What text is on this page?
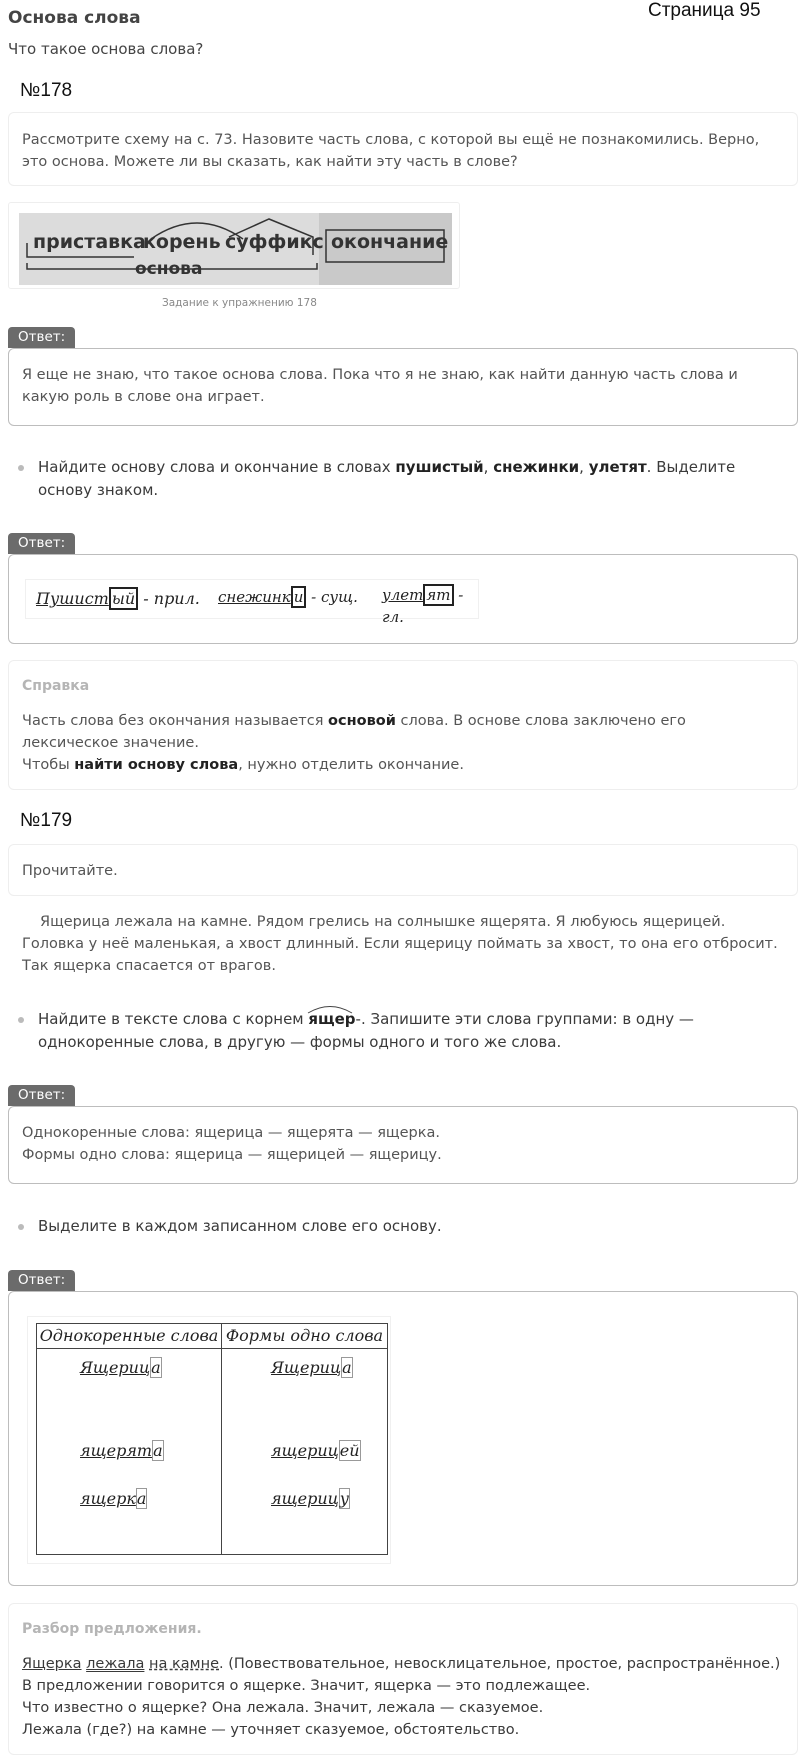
Основа слова
Что такое основа слова?
Страница 95
№178
Рассмотрите схему на с. 73. Назовите часть слова, с которой вы ещё не познакомились. Верно, это основа. Можете ли вы сказать, как найти эту часть в слове?
приставка
корень суффикс окончание
основа
Задание к упражнению 178
Ответ:
Я еще не знаю, что такое основа слова. Пока что я не знаю, как найти данную часть слова и какую роль в слове она играет.
Найдите основу слова и окончание в словах пушистый, снежинки, улетят. Выделите основу знаком.
Ответ:
Пушист ый - прил. снежинк и - сущ. улет ят - гл.
Справка
Часть слова без окончания называется основой слова. В основе слова заключено его лексическое значение.
Чтобы найти основу слова, нужно отделить окончание.
№179
Прочитайте.
Ящерица лежала на камне. Рядом грелись на солнышке ящерята. Я любуюсь ящерицей. Головка у неё маленькая, а хвост длинный. Если ящерицу поймать за хвост, то она его отбросит. Так ящерка спасается от врагов.
Найдите в тексте слова с корнем
ящер-. Запишите эти слова группами: в одну — однокоренные слова, в другую — формы одного и того же слова.
Ответ:
Однокоренные слова: ящерица — ящерята — ящерка.
Формы одно слова: ящерица — ящерицей — ящерицу.
Выделите в каждом записанном слове его основу.
Ответ:
Однокоренные слова	Формы одно слова

Ящерица	Ящерица

ящерята	ящерицей

ящерка	ящерицу
Разбор предложения.
Ящерка лежала на камне. (Повествовательное, невосклицательное, простое, распространённое.)
В предложении говорится о ящерке. Значит, ящерка — это подлежащее.
Что известно о ящерке? Она лежала. Значит, лежала — сказуемое.
Лежала (где?) на камне — уточняет сказуемое, обстоятельство.
